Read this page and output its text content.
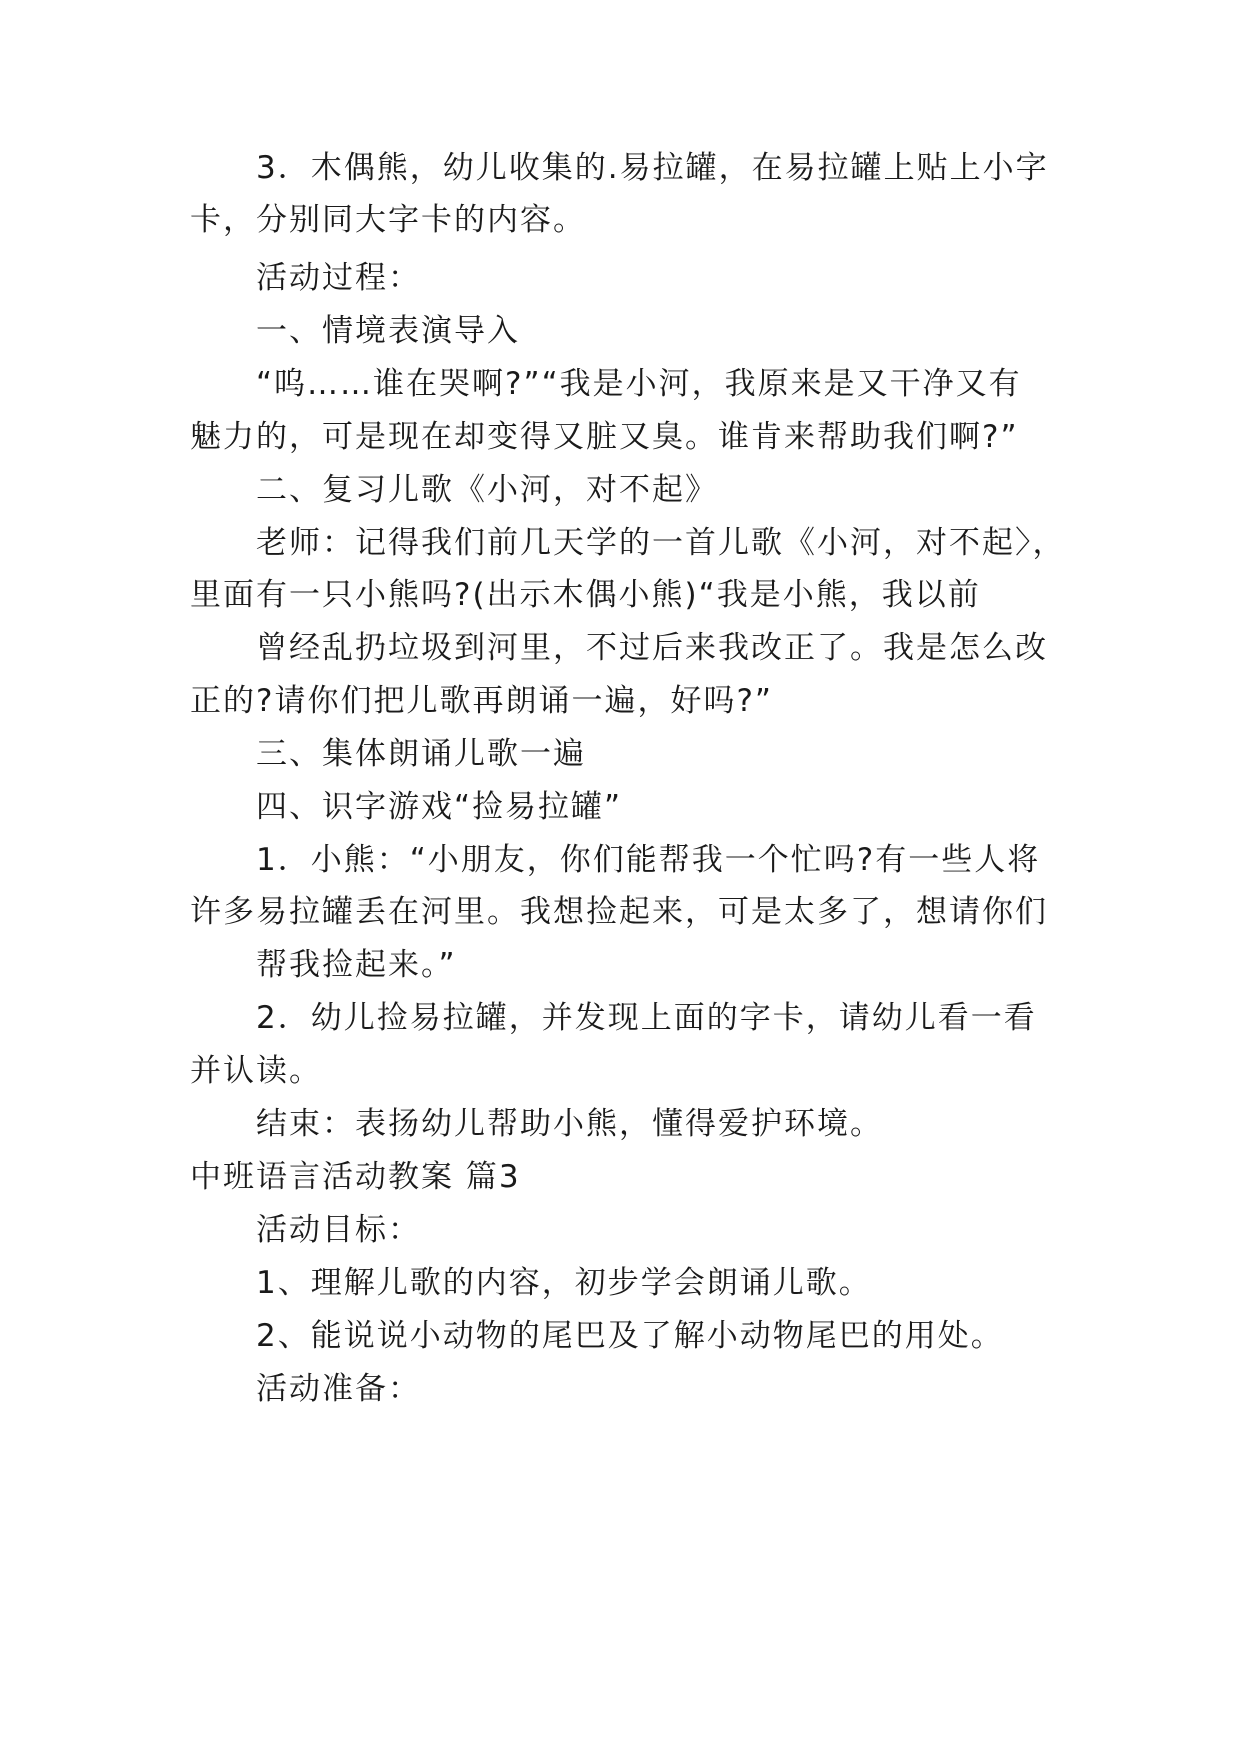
3．木偶熊，幼儿收集的.易拉罐，在易拉罐上贴上小字
卡，分别同大字卡的内容。
活动过程：
一、情境表演导入
“呜……谁在哭啊?”“我是小河，我原来是又干净又有
魅力的，可是现在却变得又脏又臭。谁肯来帮助我们啊?”
二、复习儿歌《小河，对不起》
老师：记得我们前几天学的一首儿歌《小河，对不起〉，
里面有一只小熊吗?(出示木偶小熊)“我是小熊，我以前
曾经乱扔垃圾到河里，不过后来我改正了。我是怎么改
正的?请你们把儿歌再朗诵一遍，好吗?”
三、集体朗诵儿歌一遍
四、识字游戏“捡易拉罐”
1．小熊：“小朋友，你们能帮我一个忙吗?有一些人将
许多易拉罐丢在河里。我想捡起来，可是太多了，想请你们
帮我捡起来。”
2．幼儿捡易拉罐，并发现上面的字卡，请幼儿看一看
并认读。
结束：表扬幼儿帮助小熊，懂得爱护环境。
中班语言活动教案 篇3
活动目标：
1、理解儿歌的内容，初步学会朗诵儿歌。
2、能说说小动物的尾巴及了解小动物尾巴的用处。
活动准备：
